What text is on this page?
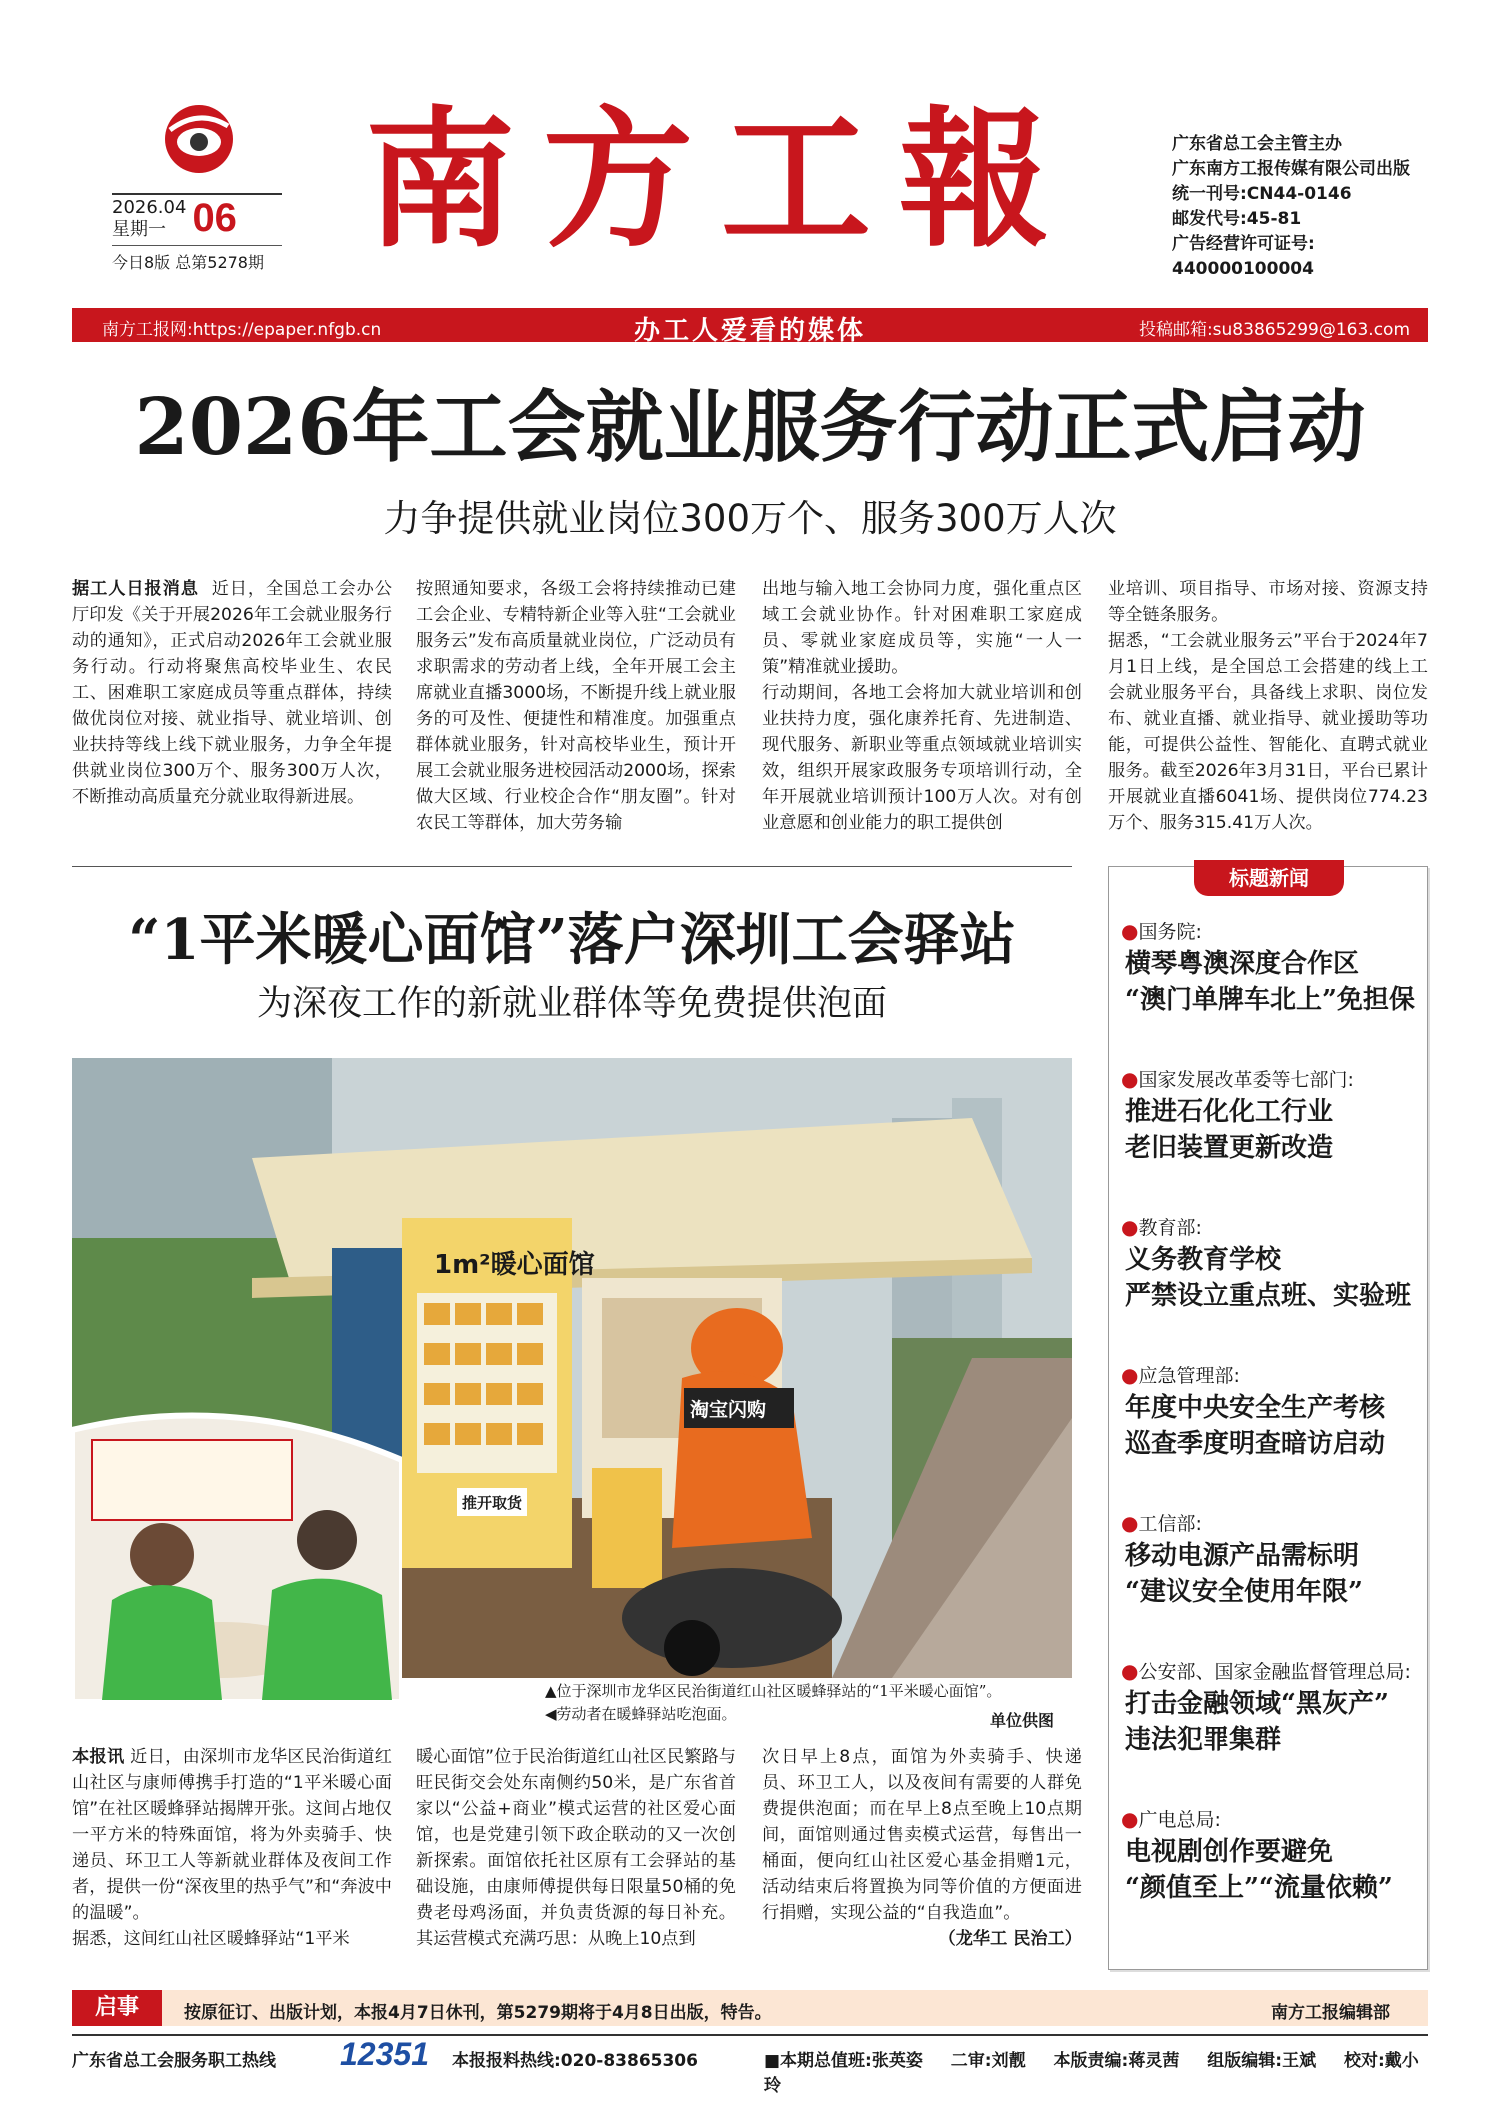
2026.04
星期一 06
今日8版 总第5278期 南方工報	广东省总工会主管主办
广东南方工报传媒有限公司出版
统一刊号:CN44-0146
邮发代号:45-81
广告经营许可证号:
440000100004
南方工报网:https://epaper.nfgb.cn	办工人爱看的媒体	投稿邮箱:su83865299@163.com
2026年工会就业服务行动正式启动
力争提供就业岗位300万个、服务300万人次

据工人日报消息 近日，全国总工会办公厅印发《关于开展2026年工会就业服务行动的通知》，正式启动2026年工会就业服务行动。行动将聚焦高校毕业生、农民工、困难职工家庭成员等重点群体，持续做优岗位对接、就业指导、就业培训、创业扶持等线上线下就业服务，力争全年提供就业岗位300万个、服务300万人次，不断推动高质量充分就业取得新进展。

按照通知要求，各级工会将持续推动已建工会企业、专精特新企业等入驻“工会就业服务云”发布高质量就业岗位，广泛动员有求职需求的劳动者上线，全年开展工会主席就业直播3000场，不断提升线上就业服务的可及性、便捷性和精准度。加强重点群体就业服务，针对高校毕业生，预计开展工会就业服务进校园活动2000场，探索做大区域、行业校企合作“朋友圈”。针对农民工等群体，加大劳务输

出地与输入地工会协同力度，强化重点区域工会就业协作。针对困难职工家庭成员、零就业家庭成员等，实施“一人一策”精准就业援助。
行动期间，各地工会将加大就业培训和创业扶持力度，强化康养托育、先进制造、现代服务、新职业等重点领域就业培训实效，组织开展家政服务专项培训行动，全年开展就业培训预计100万人次。对有创业意愿和创业能力的职工提供创

业培训、项目指导、市场对接、资源支持等全链条服务。
据悉，“工会就业服务云”平台于2024年7月1日上线，是全国总工会搭建的线上工会就业服务平台，具备线上求职、岗位发布、就业直播、就业指导、就业援助等功能，可提供公益性、智能化、直聘式就业服务。截至2026年3月31日，平台已累计开展就业直播6041场、提供岗位774.23万个、服务315.41万人次。

“1平米暖心面馆”落户深圳工会驿站
为深夜工作的新就业群体等免费提供泡面
1m²暖心面馆
推开取货
淘宝闪购
▲位于深圳市龙华区民治街道红山社区暖蜂驿站的“1平米暖心面馆”。
◀劳动者在暖蜂驿站吃泡面。	单位供图

本报讯 近日，由深圳市龙华区民治街道红山社区与康师傅携手打造的“1平米暖心面馆”在社区暖蜂驿站揭牌开张。这间占地仅一平方米的特殊面馆，将为外卖骑手、快递员、环卫工人等新就业群体及夜间工作者，提供一份“深夜里的热乎气”和“奔波中的温暖”。
据悉，这间红山社区暖蜂驿站“1平米

暖心面馆”位于民治街道红山社区民繁路与旺民街交会处东南侧约50米，是广东省首家以“公益+商业”模式运营的社区爱心面馆，也是党建引领下政企联动的又一次创新探索。面馆依托社区原有工会驿站的基础设施，由康师傅提供每日限量50桶的免费老母鸡汤面，并负责货源的每日补充。其运营模式充满巧思：从晚上10点到

次日早上8点，面馆为外卖骑手、快递员、环卫工人，以及夜间有需要的人群免费提供泡面；而在早上8点至晚上10点期间，面馆则通过售卖模式运营，每售出一桶面，便向红山社区爱心基金捐赠1元，活动结束后将置换为同等价值的方便面进行捐赠，实现公益的“自我造血”。

（龙华工 民治工）
●国务院:
横琴粤澳深度合作区
“澳门单牌车北上”免担保
●国家发展改革委等七部门:
推进石化化工行业
老旧装置更新改造
●教育部:
义务教育学校
严禁设立重点班、实验班
●应急管理部:
年度中央安全生产考核
巡查季度明查暗访启动
●工信部:
移动电源产品需标明
“建议安全使用年限”
●公安部、国家金融监督管理总局:
打击金融领域“黑灰产”
违法犯罪集群
●广电总局:
电视剧创作要避免
“颜值至上”“流量依赖”
标题新闻
启事	按原征订、出版计划，本报4月7日休刊，第5279期将于4月8日出版，特告。	南方工报编辑部
广东省总工会服务职工热线 12351 本报报料热线:020-83865306	■本期总值班:张英姿 二审:刘靓 本版责编:蒋灵茜 组版编辑:王斌 校对:戴小玲
